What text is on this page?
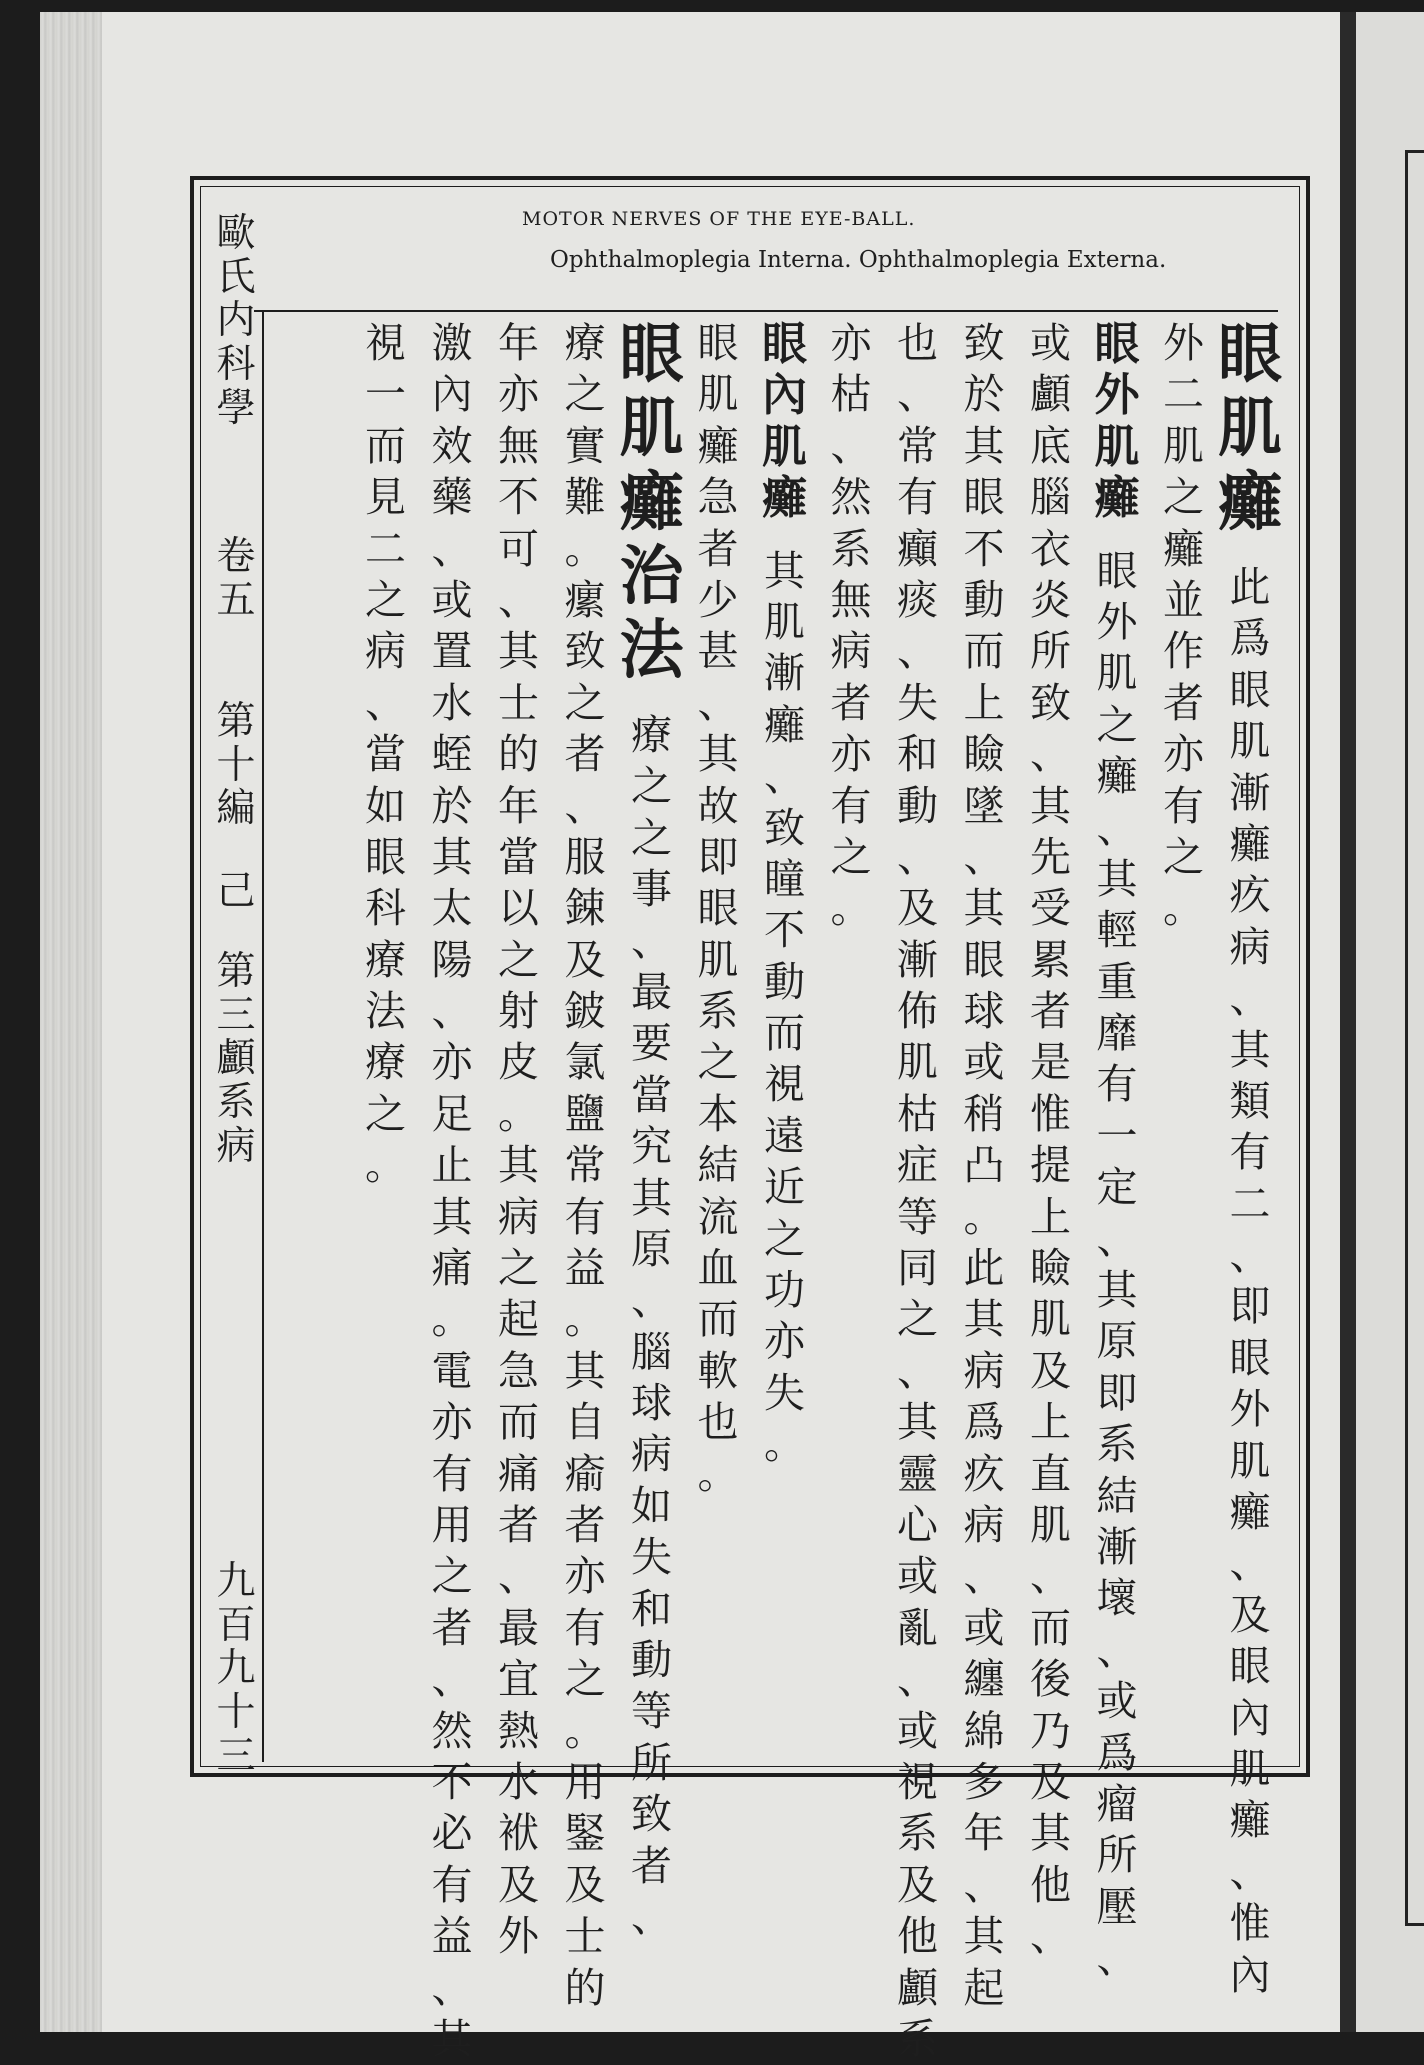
MOTOR NERVES OF THE EYE-BALL.
Ophthalmoplegia Interna. Ophthalmoplegia Externa.
歐
氏
内
科
學
卷
五
第
十
編
己
第
三
顱
系
病
九
百
九
十
三
眼
肌
癱
此
爲
眼
肌
漸
癱
疚
病
、
其
類
有
二
、
即
眼
外
肌
癱
、
及
眼
內
肌
癱
、
惟
內
外
二
肌
之
癱
並
作
者
亦
有
之
。
眼
外
肌
癱
眼
外
肌
之
癱
、
其
輕
重
靡
有
一
定
、
其
原
即
系
結
漸
壞
、
或
爲
瘤
所
壓
、
或
顱
底
腦
衣
炎
所
致
、
其
先
受
累
者
是
惟
提
上
瞼
肌
及
上
直
肌
、
而
後
乃
及
其
他
、
致
於
其
眼
不
動
而
上
瞼
墜
、
其
眼
球
或
稍
凸
。
此
其
病
爲
疚
病
、
或
纏
綿
多
年
、
其
起
也
、
常
有
癲
痰
、
失
和
動
、
及
漸
佈
肌
枯
症
等
同
之
、
其
靈
心
或
亂
、
或
視
系
及
他
顱
系
亦
枯
、
然
系
無
病
者
亦
有
之
。
眼
內
肌
癱
其
肌
漸
癱
、
致
瞳
不
動
而
視
遠
近
之
功
亦
失
。
眼
肌
癱
急
者
少
甚
、
其
故
即
眼
肌
系
之
本
結
流
血
而
軟
也
。
眼
肌
癱
治
法
療
之
之
事
、
最
要
當
究
其
原
、
腦
球
病
如
失
和
動
等
所
致
者
、
療
之
實
難
。
瘰
致
之
者
、
服
鋉
及
鈹
氯
鹽
常
有
益
。
其
自
瘉
者
亦
有
之
。
用
鋻
及
士
的
年
亦
無
不
可
、
其
士
的
年
當
以
之
射
皮
。
其
病
之
起
急
而
痛
者
、
最
宜
熱
水
袱
及
外
激
內
效
藥
、
或
置
水
蛭
於
其
太
陽
、
亦
足
止
其
痛
。
電
亦
有
用
之
者
、
然
不
必
有
益
、
其
視
一
而
見
二
之
病
、
當
如
眼
科
療
法
療
之
。
